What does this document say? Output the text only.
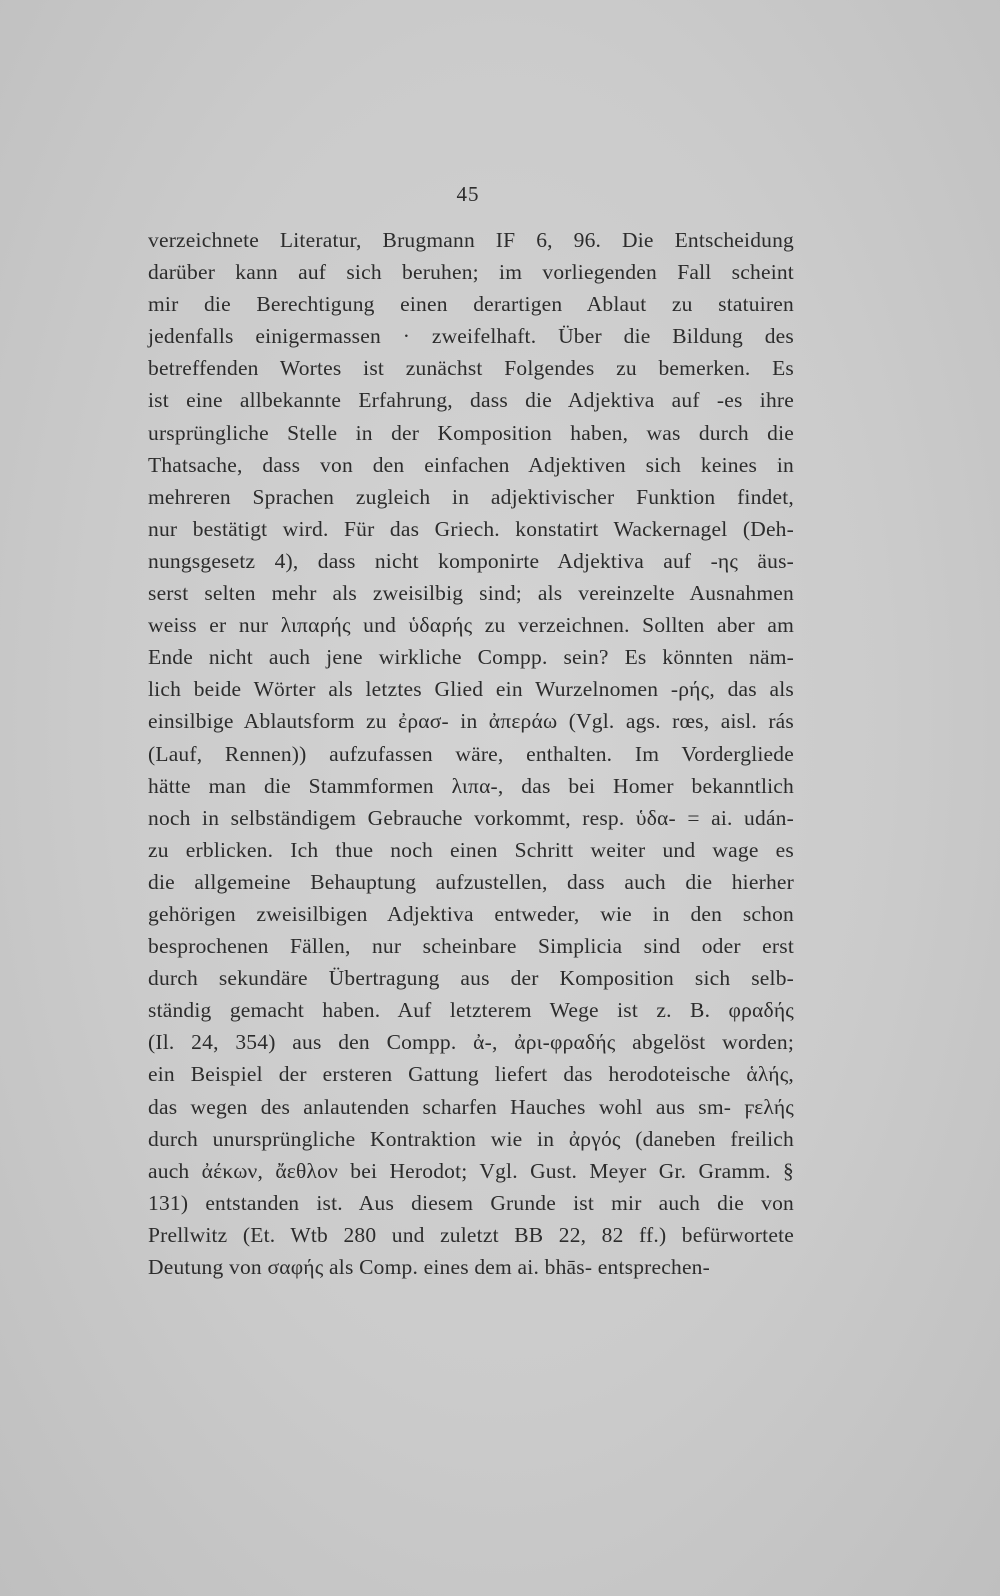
45
verzeichnete Literatur, Brugmann IF 6, 96. Die Entscheidung
darüber kann auf sich beruhen; im vorliegenden Fall scheint
mir die Berechtigung einen derartigen Ablaut zu statuiren
jedenfalls einigermassen · zweifelhaft. Über die Bildung des
betreffenden Wortes ist zunächst Folgendes zu bemerken. Es
ist eine allbekannte Erfahrung, dass die Adjektiva auf -es ihre
ursprüngliche Stelle in der Komposition haben, was durch die
Thatsache, dass von den einfachen Adjektiven sich keines in
mehreren Sprachen zugleich in adjektivischer Funktion findet,
nur bestätigt wird. Für das Griech. konstatirt Wackernagel (Deh-
nungsgesetz 4), dass nicht komponirte Adjektiva auf -ης äus-
serst selten mehr als zweisilbig sind; als vereinzelte Ausnahmen
weiss er nur λιπαρής und ὑδαρής zu verzeichnen. Sollten aber am
Ende nicht auch jene wirkliche Compp. sein? Es könnten näm-
lich beide Wörter als letztes Glied ein Wurzelnomen -ρής, das als
einsilbige Ablautsform zu ἐρασ- in ἀπεράω (Vgl. ags. rœs, aisl. rás
(Lauf, Rennen)) aufzufassen wäre, enthalten. Im Vordergliede
hätte man die Stammformen λιπα-, das bei Homer bekanntlich
noch in selbständigem Gebrauche vorkommt, resp. ὑδα- = ai. udán-
zu erblicken. Ich thue noch einen Schritt weiter und wage es
die allgemeine Behauptung aufzustellen, dass auch die hierher
gehörigen zweisilbigen Adjektiva entweder, wie in den schon
besprochenen Fällen, nur scheinbare Simplicia sind oder erst
durch sekundäre Übertragung aus der Komposition sich selb-
ständig gemacht haben. Auf letzterem Wege ist z. B. φραδής
(Il. 24, 354) aus den Compp. ἀ-, ἀρι-φραδής abgelöst worden;
ein Beispiel der ersteren Gattung liefert das herodoteische ἁλής,
das wegen des anlautenden scharfen Hauches wohl aus sm- ϝελής
durch unursprüngliche Kontraktion wie in ἀργός (daneben freilich
auch ἀέκων, ἄεθλον bei Herodot; Vgl. Gust. Meyer Gr. Gramm. §
131) entstanden ist. Aus diesem Grunde ist mir auch die von
Prellwitz (Et. Wtb 280 und zuletzt BB 22, 82 ff.) befürwortete
Deutung von σαφής als Comp. eines dem ai. bhās- entsprechen-
